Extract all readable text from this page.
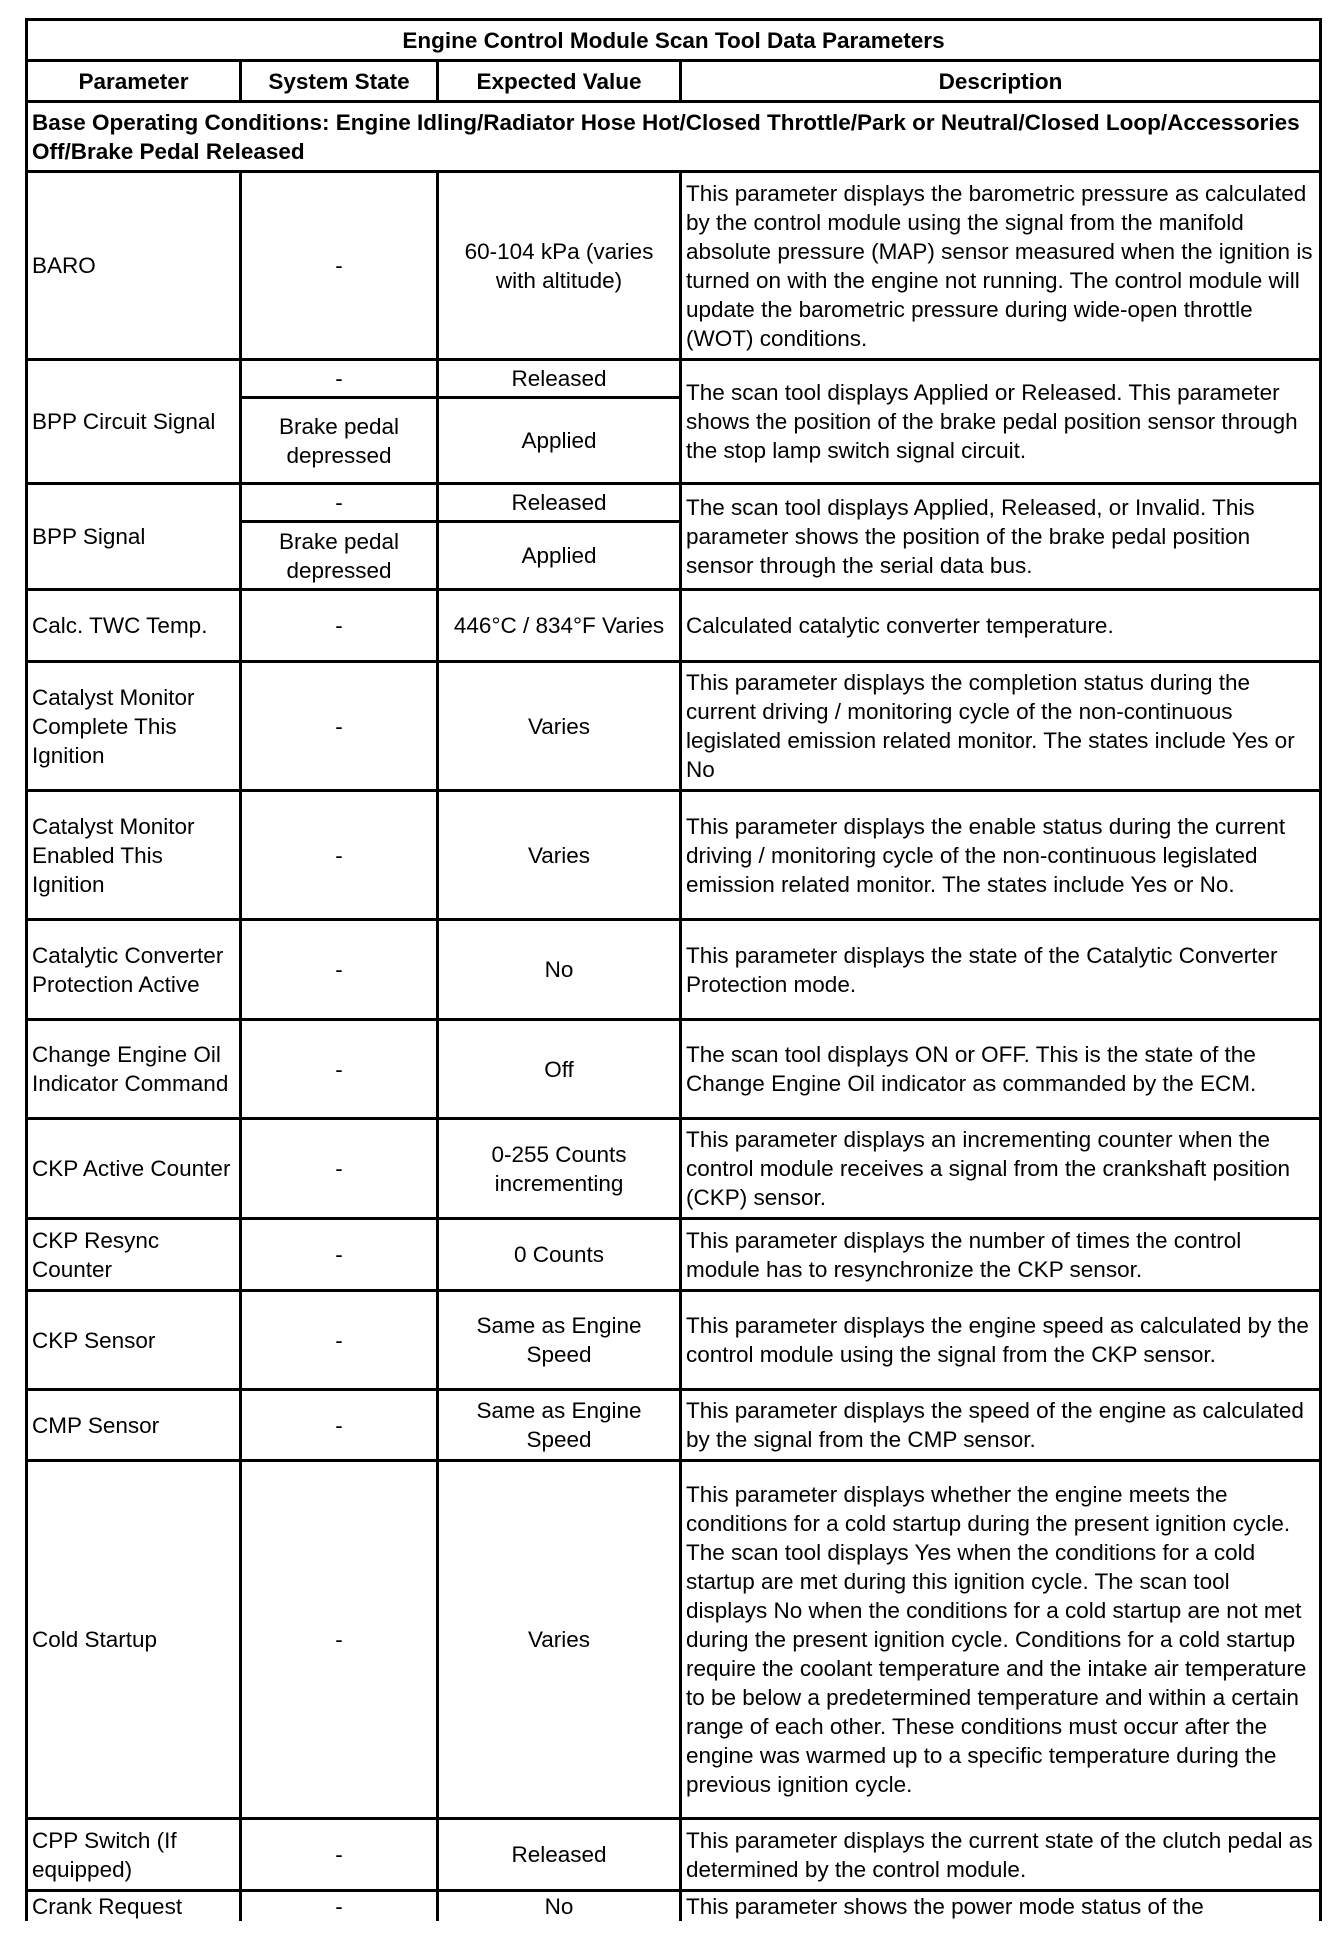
Engine Control Module Scan Tool Data Parameters			
Parameter	System State	Expected Value	Description
Base Operating Conditions: Engine Idling/Radiator Hose Hot/Closed Throttle/Park or Neutral/Closed Loop/Accessories Off/Brake Pedal Released			
BARO	-	60-104 kPa (varies with altitude)	This parameter displays the barometric pressure as calculated by the control module using the signal from the manifold absolute pressure (MAP) sensor measured when the ignition is turned on with the engine not running. The control module will update the barometric pressure during wide-open throttle (WOT) conditions.
BPP Circuit Signal	-	Released	The scan tool displays Applied or Released. This parameter shows the position of the brake pedal position sensor through the stop lamp switch signal circuit.
	Brake pedal depressed	Applied	
BPP Signal	-	Released	The scan tool displays Applied, Released, or Invalid. This parameter shows the position of the brake pedal position sensor through the serial data bus.
	Brake pedal depressed	Applied	
Calc. TWC Temp.	-	446°C / 834°F Varies	Calculated catalytic converter temperature.
Catalyst Monitor Complete This Ignition	-	Varies	This parameter displays the completion status during the current driving / monitoring cycle of the non-continuous legislated emission related monitor. The states include Yes or No
Catalyst Monitor Enabled This Ignition	-	Varies	This parameter displays the enable status during the current driving / monitoring cycle of the non-continuous legislated emission related monitor. The states include Yes or No.
Catalytic Converter Protection Active	-	No	This parameter displays the state of the Catalytic Converter Protection mode.
Change Engine Oil Indicator Command	-	Off	The scan tool displays ON or OFF. This is the state of the Change Engine Oil indicator as commanded by the ECM.
CKP Active Counter	-	0-255 Counts incrementing	This parameter displays an incrementing counter when the control module receives a signal from the crankshaft position (CKP) sensor.
CKP Resync Counter	-	0 Counts	This parameter displays the number of times the control module has to resynchronize the CKP sensor.
CKP Sensor	-	Same as Engine Speed	This parameter displays the engine speed as calculated by the control module using the signal from the CKP sensor.
CMP Sensor	-	Same as Engine Speed	This parameter displays the speed of the engine as calculated by the signal from the CMP sensor.
Cold Startup	-	Varies	This parameter displays whether the engine meets the conditions for a cold startup during the present ignition cycle. The scan tool displays Yes when the conditions for a cold startup are met during this ignition cycle. The scan tool displays No when the conditions for a cold startup are not met during the present ignition cycle. Conditions for a cold startup require the coolant temperature and the intake air temperature to be below a predetermined temperature and within a certain range of each other. These conditions must occur after the engine was warmed up to a specific temperature during the previous ignition cycle.
CPP Switch (If equipped)	-	Released	This parameter displays the current state of the clutch pedal as determined by the control module.
Crank Request	-	No	This parameter shows the power mode status of the
